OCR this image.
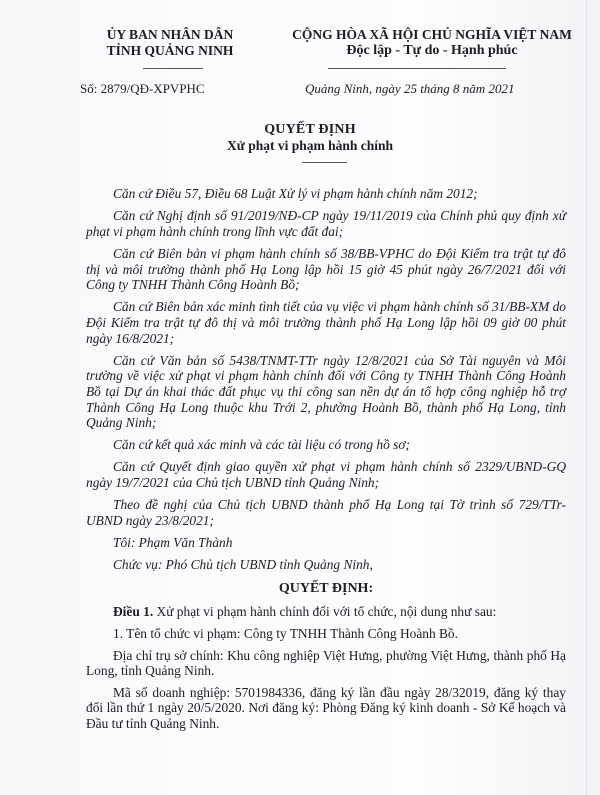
ỦY BAN NHÂN DÂN
TỈNH QUẢNG NINH
CỘNG HÒA XÃ HỘI CHỦ NGHĨA VIỆT NAM
Độc lập - Tự do - Hạnh phúc
Số: 2879/QĐ-XPVPHC	Quảng Ninh, ngày 25 tháng 8 năm 2021
QUYẾT ĐỊNH
Xử phạt vi phạm hành chính

Căn cứ Điều 57, Điều 68 Luật Xử lý vi phạm hành chính năm 2012;

Căn cứ Nghị định số 91/2019/NĐ-CP ngày 19/11/2019 của Chính phủ quy định xử phạt vi phạm hành chính trong lĩnh vực đất đai;

Căn cứ Biên bản vi phạm hành chính số 38/BB-VPHC do Đội Kiểm tra trật tự đô thị và môi trường thành phố Hạ Long lập hồi 15 giờ 45 phút ngày 26/7/2021 đối với Công ty TNHH Thành Công Hoành Bồ;

Căn cứ Biên bản xác minh tình tiết của vụ việc vi phạm hành chính số 31/BB-XM do Đội Kiểm tra trật tự đô thị và môi trường thành phố Hạ Long lập hồi 09 giờ 00 phút ngày 16/8/2021;

Căn cứ Văn bản số 5438/TNMT-TTr ngày 12/8/2021 của Sở Tài nguyên và Môi trường về việc xử phạt vi phạm hành chính đối với Công ty TNHH Thành Công Hoành Bồ tại Dự án khai thác đất phục vụ thi công san nền dự án tổ hợp công nghiệp hỗ trợ Thành Công Hạ Long thuộc khu Trới 2, phường Hoành Bồ, thành phố Hạ Long, tỉnh Quảng Ninh;

Căn cứ kết quả xác minh và các tài liệu có trong hồ sơ;

Căn cứ Quyết định giao quyền xử phạt vi phạm hành chính số 2329/UBND-GQ ngày 19/7/2021 của Chủ tịch UBND tỉnh Quảng Ninh;

Theo đề nghị của Chủ tịch UBND thành phố Hạ Long tại Tờ trình số 729/TTr-UBND ngày 23/8/2021;

Tôi: Phạm Văn Thành

Chức vụ: Phó Chủ tịch UBND tỉnh Quảng Ninh,

QUYẾT ĐỊNH:

Điều 1. Xử phạt vi phạm hành chính đối với tổ chức, nội dung như sau:

1. Tên tổ chức vi phạm: Công ty TNHH Thành Công Hoành Bồ.

Địa chỉ trụ sở chính: Khu công nghiệp Việt Hưng, phường Việt Hưng, thành phố Hạ Long, tỉnh Quảng Ninh.

Mã số doanh nghiệp: 5701984336, đăng ký lần đầu ngày 28/32019, đăng ký thay đổi lần thứ 1 ngày 20/5/2020. Nơi đăng ký: Phòng Đăng ký kinh doanh - Sở Kế hoạch và Đầu tư tỉnh Quảng Ninh.
